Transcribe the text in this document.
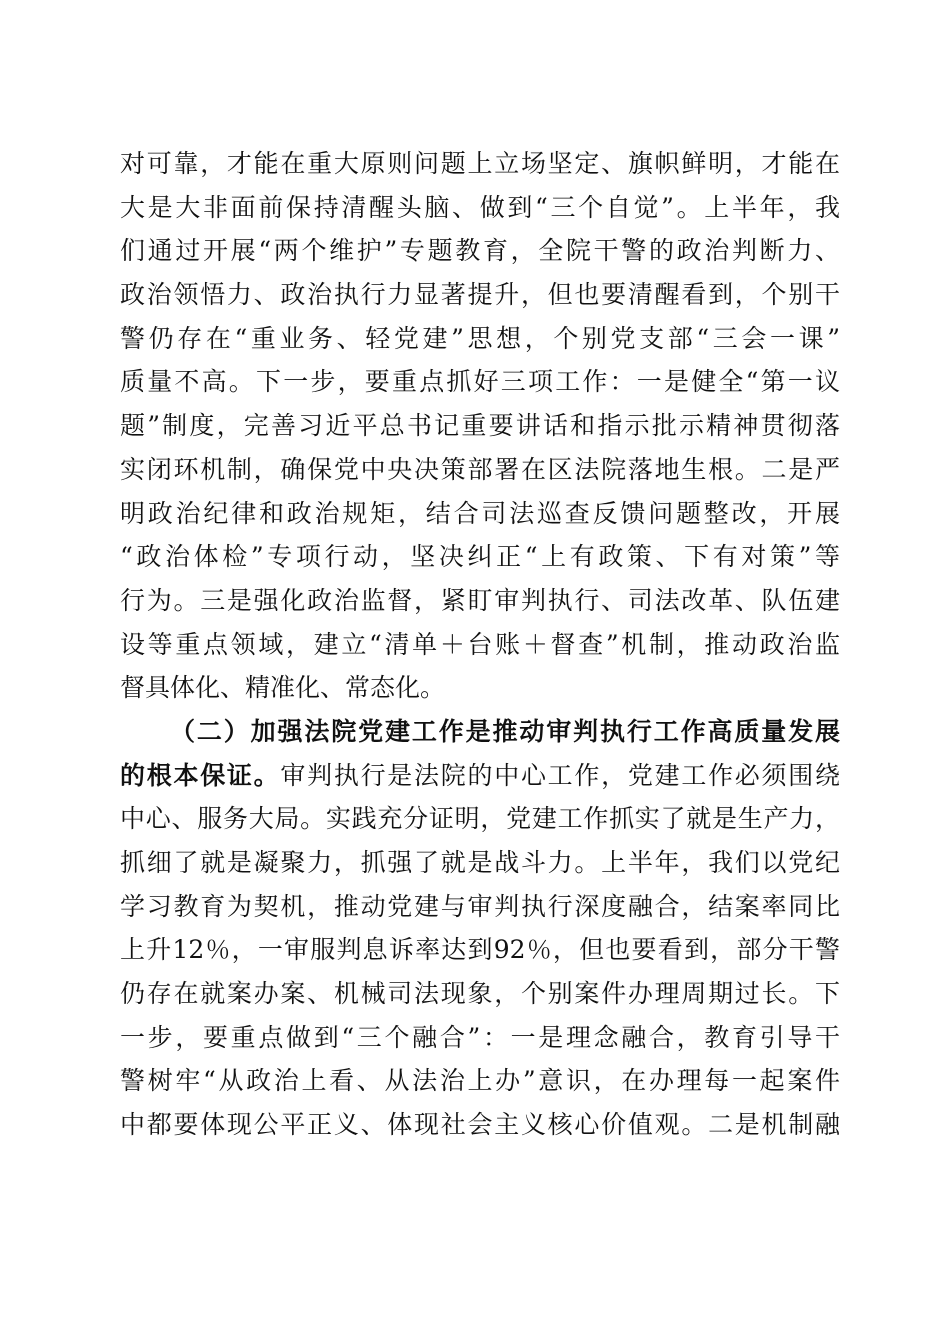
对可靠，才能在重大原则问题上立场坚定、旗帜鲜明，才能在
大是大非面前保持清醒头脑、做到“三个自觉”。上半年，我
们通过开展“两个维护”专题教育，全院干警的政治判断力、
政治领悟力、政治执行力显著提升，但也要清醒看到，个别干
警仍存在“重业务、轻党建”思想，个别党支部“三会一课”
质量不高。下一步，要重点抓好三项工作：一是健全“第一议
题”制度，完善习近平总书记重要讲话和指示批示精神贯彻落
实闭环机制，确保党中央决策部署在区法院落地生根。二是严
明政治纪律和政治规矩，结合司法巡查反馈问题整改，开展
“政治体检”专项行动，坚决纠正“上有政策、下有对策”等
行为。三是强化政治监督，紧盯审判执行、司法改革、队伍建
设等重点领域，建立“清单＋台账＋督查”机制，推动政治监
督具体化、精准化、常态化。
（二）加强法院党建工作是推动审判执行工作高质量发展
的根本保证。审判执行是法院的中心工作，党建工作必须围绕
中心、服务大局。实践充分证明，党建工作抓实了就是生产力，
抓细了就是凝聚力，抓强了就是战斗力。上半年，我们以党纪
学习教育为契机，推动党建与审判执行深度融合，结案率同比
上升12％，一审服判息诉率达到92％，但也要看到，部分干警
仍存在就案办案、机械司法现象，个别案件办理周期过长。下
一步，要重点做到“三个融合”：一是理念融合，教育引导干
警树牢“从政治上看、从法治上办”意识，在办理每一起案件
中都要体现公平正义、体现社会主义核心价值观。二是机制融
